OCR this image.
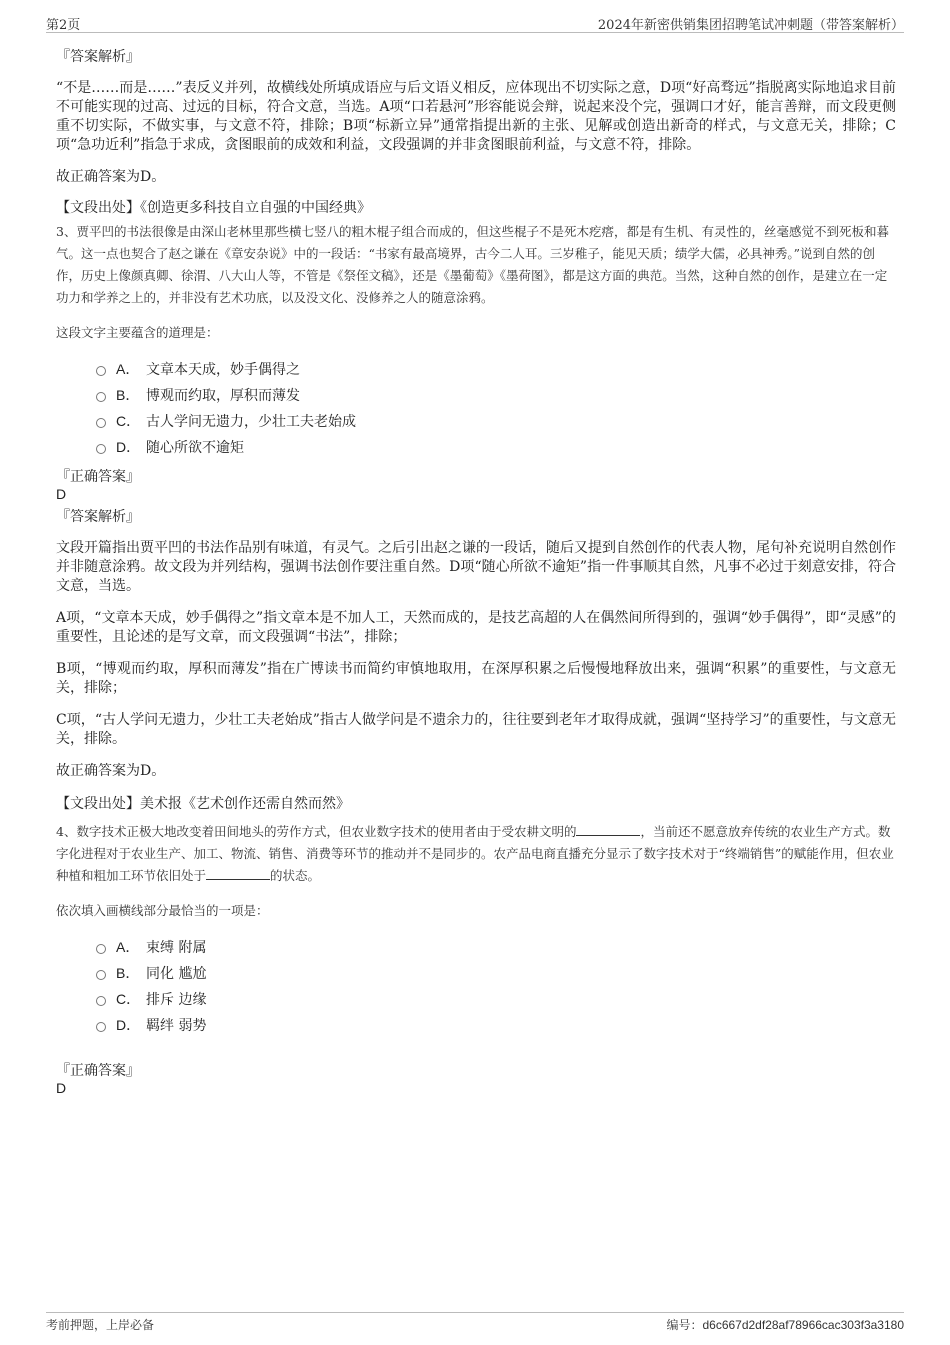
第2页	2024年新密供销集团招聘笔试冲刺题（带答案解析）

『答案解析』

“不是……而是……”表反义并列，故横线处所填成语应与后文语义相反，应体现出不切实际之意，D项“好高骛远”指脱离实际地追求目前不可能实现的过高、过远的目标，符合文意，当选。A项“口若悬河”形容能说会辩，说起来没个完，强调口才好，能言善辩，而文段更侧重不切实际，不做实事，与文意不符，排除；B项“标新立异”通常指提出新的主张、见解或创造出新奇的样式，与文意无关，排除；C项“急功近利”指急于求成，贪图眼前的成效和利益，文段强调的并非贪图眼前利益，与文意不符，排除。

故正确答案为D。

【文段出处】《创造更多科技自立自强的中国经典》

3、贾平凹的书法很像是由深山老林里那些横七竖八的粗木棍子组合而成的，但这些棍子不是死木疙瘩，都是有生机、有灵性的，丝毫感觉不到死板和暮气。这一点也契合了赵之谦在《章安杂说》中的一段话：“书家有最高境界，古今二人耳。三岁稚子，能见天质；绩学大儒，必具神秀。”说到自然的创作，历史上像颜真卿、徐渭、八大山人等，不管是《祭侄文稿》，还是《墨葡萄》《墨荷图》，都是这方面的典范。当然，这种自然的创作，是建立在一定功力和学养之上的，并非没有艺术功底，以及没文化、没修养之人的随意涂鸦。

这段文字主要蕴含的道理是：

A． 文章本天成，妙手偶得之
B． 博观而约取，厚积而薄发
C． 古人学问无遗力，少壮工夫老始成
D． 随心所欲不逾矩

『正确答案』

D

『答案解析』

文段开篇指出贾平凹的书法作品别有味道，有灵气。之后引出赵之谦的一段话，随后又提到自然创作的代表人物，尾句补充说明自然创作并非随意涂鸦。故文段为并列结构，强调书法创作要注重自然。D项“随心所欲不逾矩”指一件事顺其自然，凡事不必过于刻意安排，符合文意，当选。

A项，“文章本天成，妙手偶得之”指文章本是不加人工，天然而成的，是技艺高超的人在偶然间所得到的，强调“妙手偶得”，即“灵感”的重要性，且论述的是写文章，而文段强调“书法”，排除；

B项，“博观而约取，厚积而薄发”指在广博读书而简约审慎地取用，在深厚积累之后慢慢地释放出来，强调“积累”的重要性，与文意无关，排除；

C项，“古人学问无遗力，少壮工夫老始成”指古人做学问是不遗余力的，往往要到老年才取得成就，强调“坚持学习”的重要性，与文意无关，排除。

故正确答案为D。

【文段出处】美术报《艺术创作还需自然而然》

4、数字技术正极大地改变着田间地头的劳作方式，但农业数字技术的使用者由于受农耕文明的	，当前还不愿意放弃传统的农业生产方式。数字化进程对于农业生产、加工、物流、销售、消费等环节的推动并不是同步的。农产品电商直播充分显示了数字技术对于“终端销售”的赋能作用，但农业种植和粗加工环节依旧处于	的状态。

依次填入画横线部分最恰当的一项是：

A． 束缚 附属
B． 同化 尴尬
C． 排斥 边缘
D． 羁绊 弱势

『正确答案』

D

考前押题，上岸必备	编号：d6c667d2df28af78966cac303f3a3180
